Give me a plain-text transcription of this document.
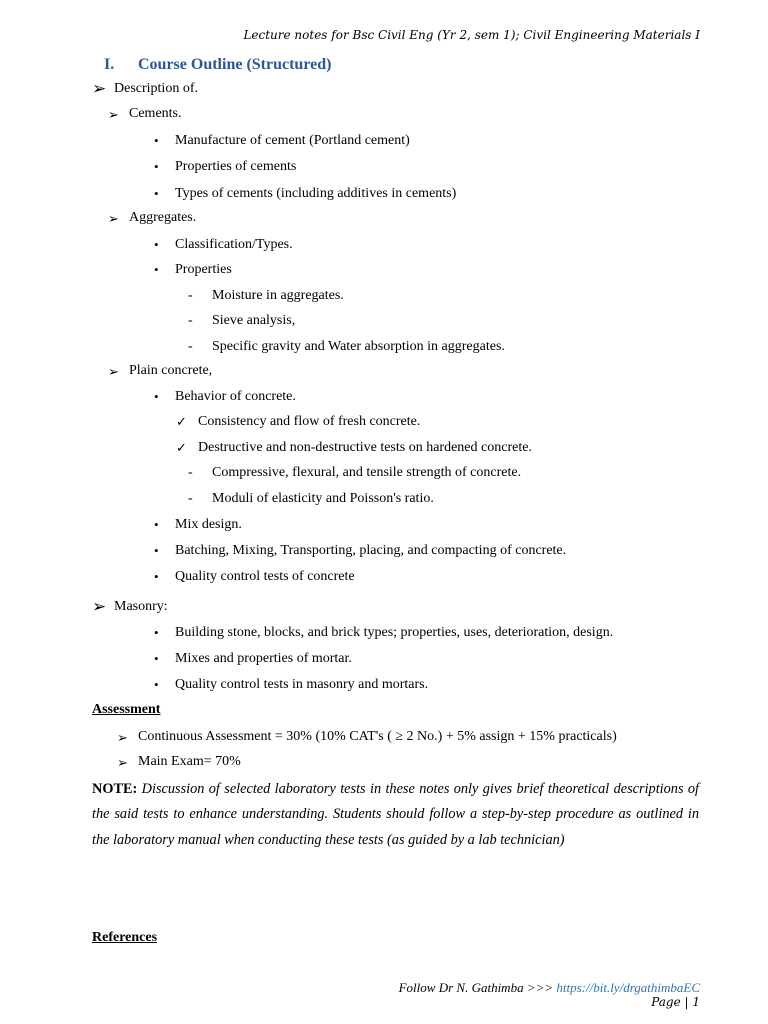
Lecture notes for Bsc Civil Eng (Yr 2, sem 1); Civil Engineering Materials I
I. Course Outline (Structured)
➢ Description of.
➢ Cements.
• Manufacture of cement (Portland cement)
• Properties of cements
• Types of cements (including additives in cements)
➢ Aggregates.
• Classification/Types.
• Properties
- Moisture in aggregates.
- Sieve analysis,
- Specific gravity and Water absorption in aggregates.
➢ Plain concrete,
• Behavior of concrete.
✓ Consistency and flow of fresh concrete.
✓ Destructive and non-destructive tests on hardened concrete.
- Compressive, flexural, and tensile strength of concrete.
- Moduli of elasticity and Poisson's ratio.
• Mix design.
• Batching, Mixing, Transporting, placing, and compacting of concrete.
• Quality control tests of concrete
➢ Masonry:
• Building stone, blocks, and brick types; properties, uses, deterioration, design.
• Mixes and properties of mortar.
• Quality control tests in masonry and mortars.
Assessment
➢ Continuous Assessment = 30% (10% CAT's ( ≥ 2 No.) + 5% assign + 15% practicals)
➢ Main Exam= 70%
NOTE: Discussion of selected laboratory tests in these notes only gives brief theoretical descriptions of the said tests to enhance understanding. Students should follow a step-by-step procedure as outlined in the laboratory manual when conducting these tests (as guided by a lab technician)
References
Follow Dr N. Gathimba >>> https://bit.ly/drgathimbaEC
Page | 1
